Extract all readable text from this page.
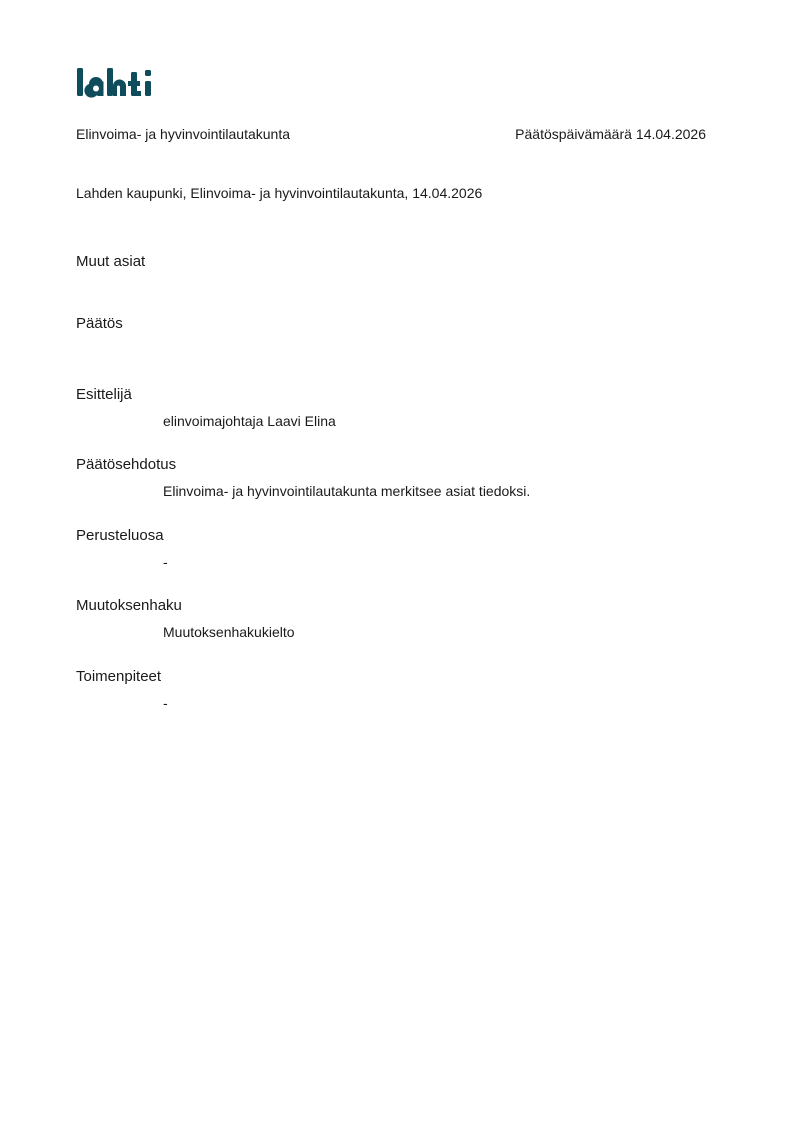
Elinvoima- ja hyvinvointilautakunta	Päätöspäivämäärä 14.04.2026
Lahden kaupunki, Elinvoima- ja hyvinvointilautakunta, 14.04.2026
Muut asiat
Päätös
Esittelijä
elinvoimajohtaja Laavi Elina
Päätösehdotus
Elinvoima- ja hyvinvointilautakunta merkitsee asiat tiedoksi.
Perusteluosa
-
Muutoksenhaku
Muutoksenhakukielto
Toimenpiteet
-
